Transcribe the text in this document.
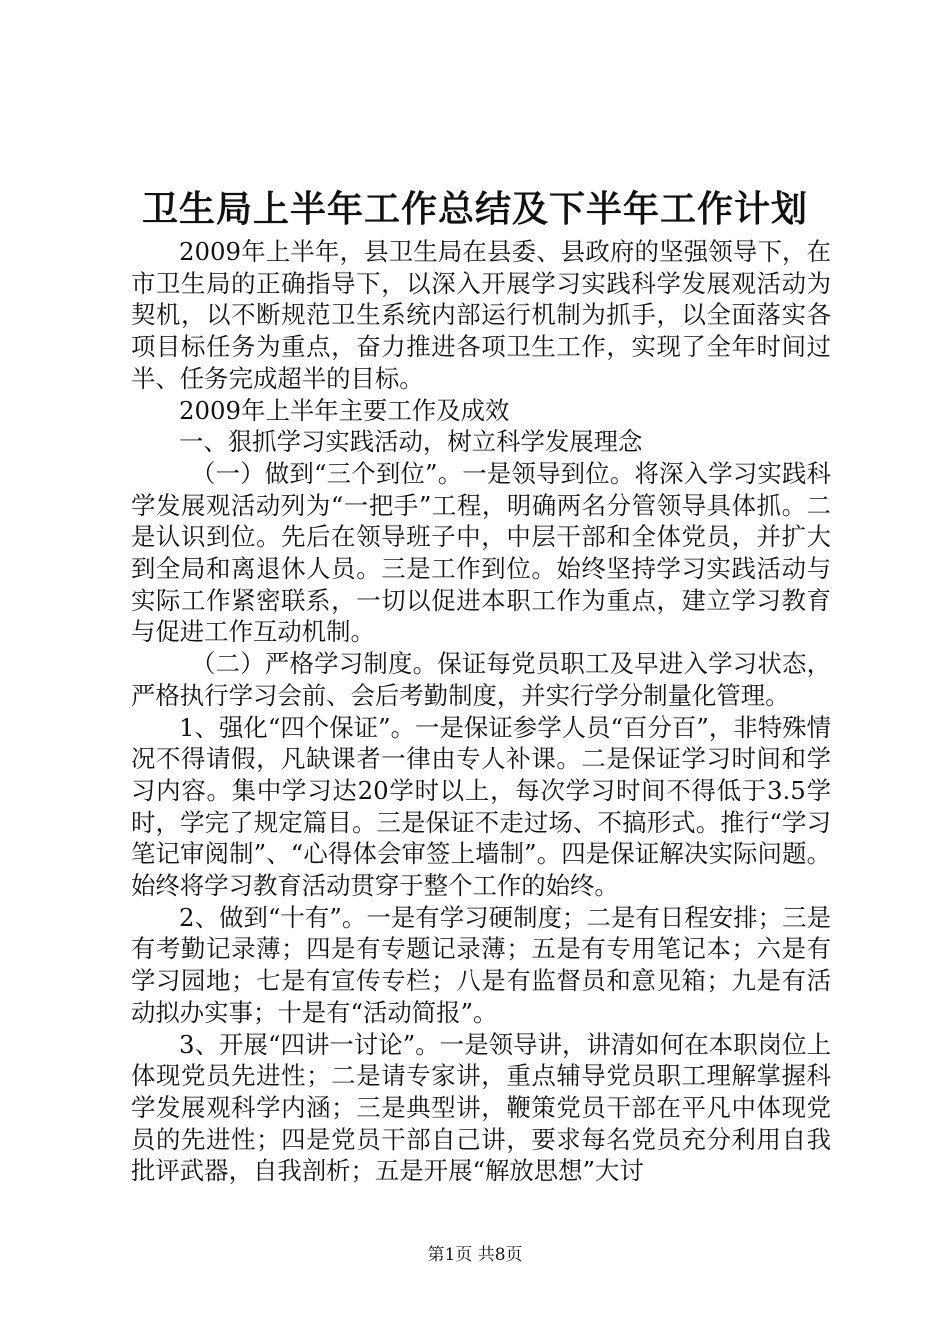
卫生局上半年工作总结及下半年工作计划

2009年上半年，县卫生局在县委、县政府的坚强领导下，在市卫生局的正确指导下，以深入开展学习实践科学发展观活动为契机，以不断规范卫生系统内部运行机制为抓手，以全面落实各项目标任务为重点，奋力推进各项卫生工作，实现了全年时间过半、任务完成超半的目标。

2009年上半年主要工作及成效

一、狠抓学习实践活动，树立科学发展理念

（一）做到“三个到位”。一是领导到位。将深入学习实践科学发展观活动列为“一把手”工程，明确两名分管领导具体抓。二是认识到位。先后在领导班子中，中层干部和全体党员，并扩大到全局和离退休人员。三是工作到位。始终坚持学习实践活动与实际工作紧密联系，一切以促进本职工作为重点，建立学习教育与促进工作互动机制。

（二）严格学习制度。保证每党员职工及早进入学习状态，严格执行学习会前、会后考勤制度，并实行学分制量化管理。

1、强化“四个保证”。一是保证参学人员“百分百”，非特殊情况不得请假，凡缺课者一律由专人补课。二是保证学习时间和学习内容。集中学习达20学时以上，每次学习时间不得低于3.5学时，学完了规定篇目。三是保证不走过场、不搞形式。推行“学习笔记审阅制”、“心得体会审签上墙制”。四是保证解决实际问题。始终将学习教育活动贯穿于整个工作的始终。

2、做到“十有”。一是有学习硬制度；二是有日程安排；三是有考勤记录薄；四是有专题记录薄；五是有专用笔记本；六是有学习园地；七是有宣传专栏；八是有监督员和意见箱；九是有活动拟办实事；十是有“活动简报”。

3、开展“四讲一讨论”。一是领导讲，讲清如何在本职岗位上体现党员先进性；二是请专家讲，重点辅导党员职工理解掌握科学发展观科学内涵；三是典型讲，鞭策党员干部在平凡中体现党员的先进性；四是党员干部自己讲，要求每名党员充分利用自我批评武器，自我剖析；五是开展“解放思想”大讨

第1页 共8页
